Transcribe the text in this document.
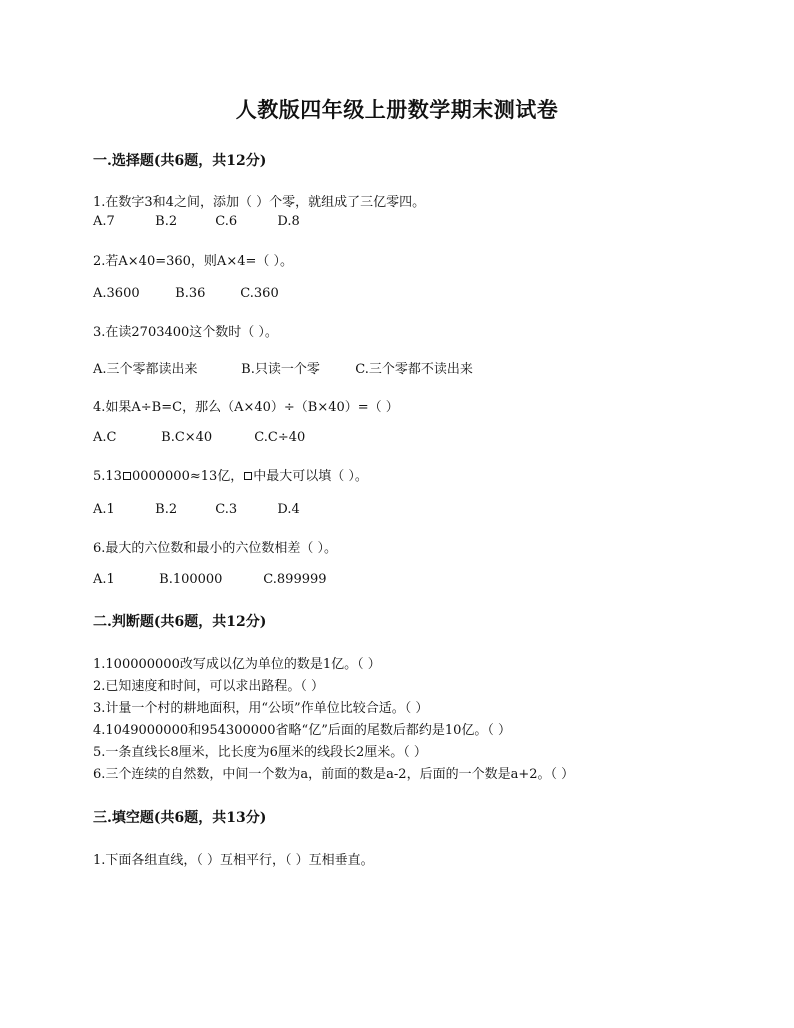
人教版四年级上册数学期末测试卷
一.选择题(共6题，共12分)
1.在数字3和4之间，添加（ ）个零，就组成了三亿零四。
A.7	B.2	C.6	D.8
2.若A×40=360，则A×4=（ ）。
A.3600	B.36	C.360
3.在读2703400这个数时（ ）。
A.三个零都读出来	B.只读一个零	C.三个零都不读出来
4.如果A÷B=C，那么（A×40）÷（B×40）=（ ）
A.C	B.C×40	C.C÷40
5.13 0000000≈13亿， 中最大可以填（ ）。
A.1	B.2	C.3	D.4
6.最大的六位数和最小的六位数相差（ ）。
A.1	B.100000	C.899999
二.判断题(共6题，共12分)
1.100000000改写成以亿为单位的数是1亿。（ ）
2.已知速度和时间，可以求出路程。（ ）
3.计量一个村的耕地面积，用“公顷”作单位比较合适。（ ）
4.1049000000和954300000省略“亿”后面的尾数后都约是10亿。（ ）
5.一条直线长8厘米，比长度为6厘米的线段长2厘米。（ ）
6.三个连续的自然数，中间一个数为a，前面的数是a-2，后面的一个数是a+2。（ ）
三.填空题(共6题，共13分)
1.下面各组直线，（ ）互相平行，（ ）互相垂直。
